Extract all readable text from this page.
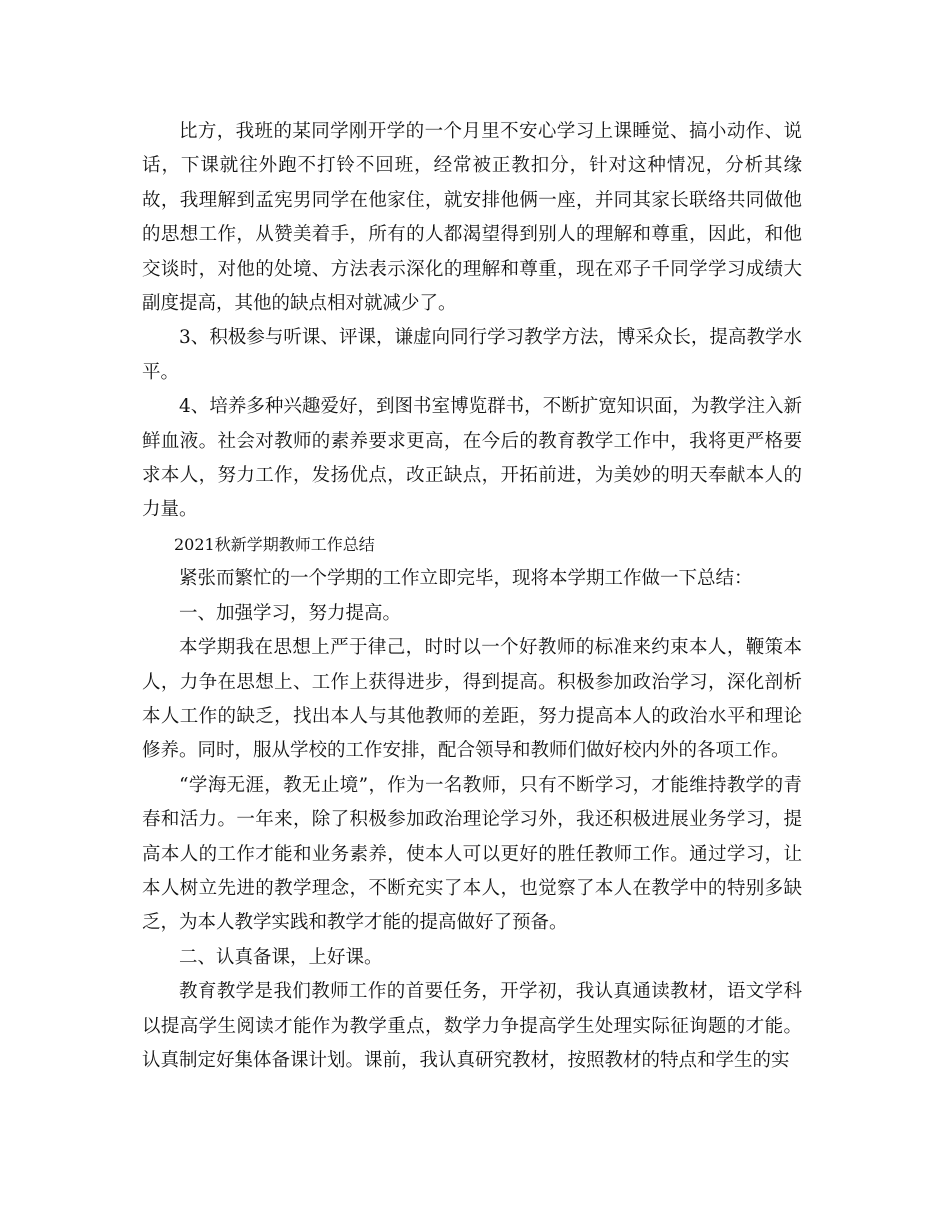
比方，我班的某同学刚开学的一个月里不安心学习上课睡觉、搞小动作、说话，下课就往外跑不打铃不回班，经常被正教扣分，针对这种情况，分析其缘故，我理解到孟宪男同学在他家住，就安排他俩一座，并同其家长联络共同做他的思想工作，从赞美着手，所有的人都渴望得到别人的理解和尊重，因此，和他交谈时，对他的处境、方法表示深化的理解和尊重，现在邓子千同学学习成绩大副度提高，其他的缺点相对就减少了。

3、积极参与听课、评课，谦虚向同行学习教学方法，博采众长，提高教学水平。

4、培养多种兴趣爱好，到图书室博览群书，不断扩宽知识面，为教学注入新鲜血液。社会对教师的素养要求更高，在今后的教育教学工作中，我将更严格要求本人，努力工作，发扬优点，改正缺点，开拓前进，为美妙的明天奉献本人的力量。

2021秋新学期教师工作总结

紧张而繁忙的一个学期的工作立即完毕，现将本学期工作做一下总结：

一、加强学习，努力提高。

本学期我在思想上严于律己，时时以一个好教师的标准来约束本人，鞭策本人，力争在思想上、工作上获得进步，得到提高。积极参加政治学习，深化剖析本人工作的缺乏，找出本人与其他教师的差距，努力提高本人的政治水平和理论修养。同时，服从学校的工作安排，配合领导和教师们做好校内外的各项工作。

“学海无涯，教无止境”，作为一名教师，只有不断学习，才能维持教学的青春和活力。一年来，除了积极参加政治理论学习外，我还积极进展业务学习，提高本人的工作才能和业务素养，使本人可以更好的胜任教师工作。通过学习，让本人树立先进的教学理念，不断充实了本人，也觉察了本人在教学中的特别多缺乏，为本人教学实践和教学才能的提高做好了预备。

二、认真备课，上好课。

教育教学是我们教师工作的首要任务，开学初，我认真通读教材，语文学科以提高学生阅读才能作为教学重点，数学力争提高学生处理实际征询题的才能。认真制定好集体备课计划。课前，我认真研究教材，按照教材的特点和学生的实
